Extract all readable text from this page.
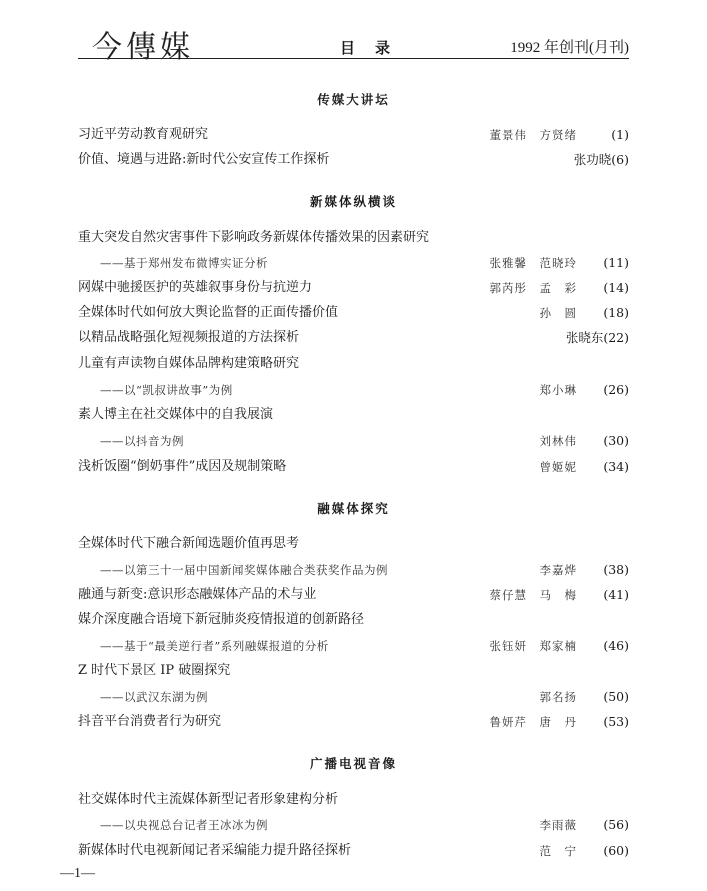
今傳媒	目 录	1992 年创刊(月刊)
传媒大讲坛
习近平劳动教育观研究	董景伟　方贤绪	(1)
价值、境遇与进路:新时代公安宣传工作探析	张功晓(6)
新媒体纵横谈
重大突发自然灾害事件下影响政务新媒体传播效果的因素研究
——基于郑州发布微博实证分析	张雅馨　范晓玲 (11)
网媒中驰援医护的英雄叙事身份与抗逆力	郭芮彤　孟　彩 (14)
全媒体时代如何放大舆论监督的正面传播价值	孙　圆 (18)
以精品战略强化短视频报道的方法探析	张晓东(22)
儿童有声读物自媒体品牌构建策略研究
——以“凯叔讲故事”为例	郑小琳 (26)
素人博主在社交媒体中的自我展演
——以抖音为例	刘林伟 (30)
浅析饭圈“倒奶事件”成因及规制策略	曾姬妮 (34)
融媒体探究
全媒体时代下融合新闻选题价值再思考
——以第三十一届中国新闻奖媒体融合类获奖作品为例	李嘉烨 (38)
融通与新变:意识形态融媒体产品的术与业	蔡仔慧　马　梅 (41)
媒介深度融合语境下新冠肺炎疫情报道的创新路径
——基于“最美逆行者”系列融媒报道的分析	张钰妍　郑家楠 (46)
Z 时代下景区 IP 破圈探究
——以武汉东湖为例	郭名扬 (50)
抖音平台消费者行为研究	鲁妍芹　唐　丹 (53)
广播电视音像
社交媒体时代主流媒体新型记者形象建构分析
——以央视总台记者王冰冰为例	李雨薇 (56)
新媒体时代电视新闻记者采编能力提升路径探析	范　宁 (60)
—1—
